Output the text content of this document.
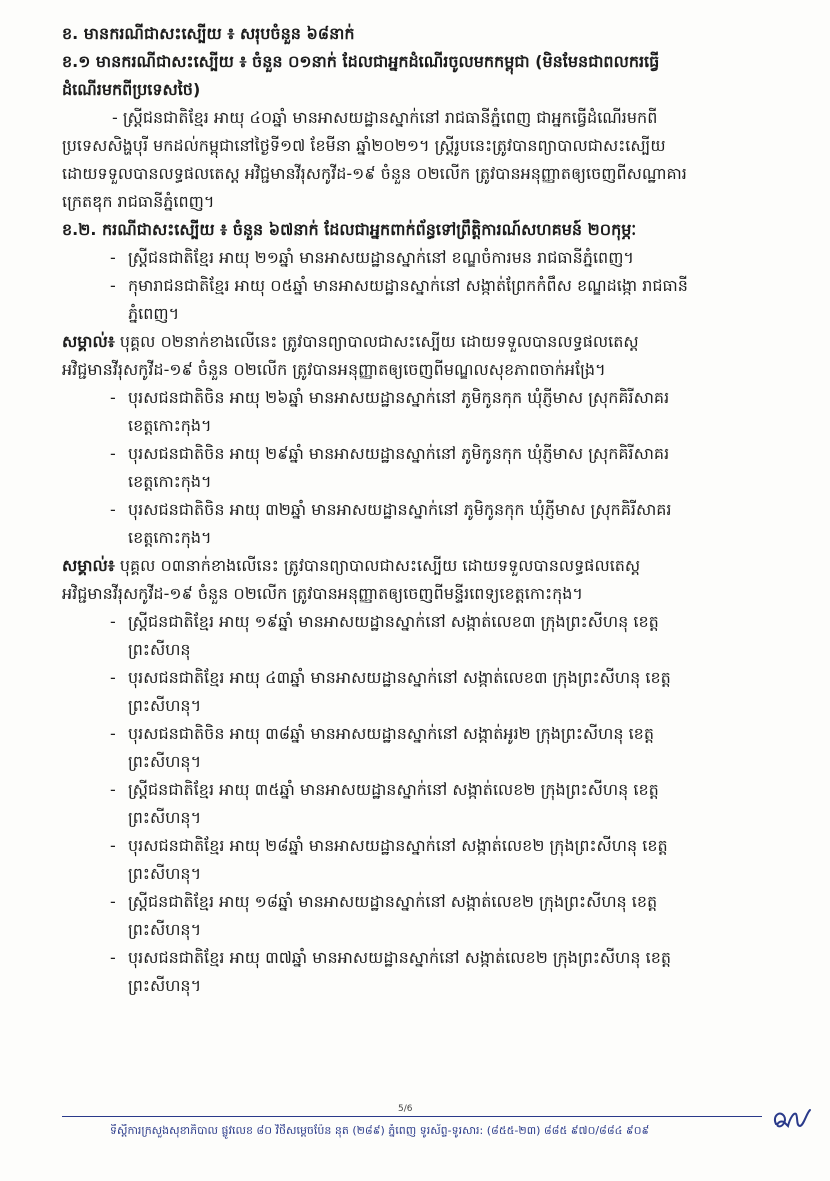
ខ. មានករណីជាសះស្បើយ ៖ សរុបចំនួន ៦៨នាក់
ខ.១ មានករណីជាសះស្បើយ ៖ ចំនួន ០១នាក់ ដែលជាអ្នកដំណើរចូលមកកម្ពុជា (មិនមែនជាពលករធ្វើ
ដំណើរមកពីប្រទេសថៃ)
- ស្ត្រីជនជាតិខ្មែរ អាយុ ៤០ឆ្នាំ មានអាសយដ្ឋានស្នាក់នៅ រាជធានីភ្នំពេញ ជាអ្នកធ្វើដំណើរមកពី
ប្រទេសសិង្ហបុរី មកដល់កម្ពុជានៅថ្ងៃទី១៧ ខែមីនា ឆ្នាំ២០២១។ ស្ត្រីរូបនេះត្រូវបានព្យាបាលជាសះស្បើយ
ដោយទទួលបានលទ្ធផលតេស្ត អវិជ្ជមានវីរុសកូវីដ-១៩ ចំនួន ០២លើក ត្រូវបានអនុញ្ញាតឲ្យចេញពីសណ្ឋាគារ
ក្រេតឌុក រាជធានីភ្នំពេញ។
ខ.២. ករណីជាសះស្បើយ ៖ ចំនួន ៦៧នាក់ ដែលជាអ្នកពាក់ព័ន្ធទៅព្រឹត្តិការណ៍សហគមន៍ ២០កុម្ភៈ
- ស្ត្រីជនជាតិខ្មែរ អាយុ ២១ឆ្នាំ មានអាសយដ្ឋានស្នាក់នៅ ខណ្ឌចំការមន រាជធានីភ្នំពេញ។
- កុមារាជនជាតិខ្មែរ អាយុ ០៥ឆ្នាំ មានអាសយដ្ឋានស្នាក់នៅ សង្កាត់ព្រែកកំពឹស ខណ្ឌដង្កោ រាជធានី
ភ្នំពេញ។
សម្គាល់៖ បុគ្គល ០២នាក់ខាងលើនេះ ត្រូវបានព្យាបាលជាសះស្បើយ ដោយទទួលបានលទ្ធផលតេស្ត
អវិជ្ជមានវីរុសកូវីដ-១៩ ចំនួន ០២លើក ត្រូវបានអនុញ្ញាតឲ្យចេញពីមណ្ឌលសុខភាពចាក់អង្រែ។
- បុរសជនជាតិចិន អាយុ ២៦ឆ្នាំ មានអាសយដ្ឋានស្នាក់នៅ ភូមិកូនកុក ឃុំភ្ញីមាស ស្រុកគិរីសាគរ
ខេត្តកោះកុង។
- បុរសជនជាតិចិន អាយុ ២៩ឆ្នាំ មានអាសយដ្ឋានស្នាក់នៅ ភូមិកូនកុក ឃុំភ្ញីមាស ស្រុកគិរីសាគរ
ខេត្តកោះកុង។
- បុរសជនជាតិចិន អាយុ ៣២ឆ្នាំ មានអាសយដ្ឋានស្នាក់នៅ ភូមិកូនកុក ឃុំភ្ញីមាស ស្រុកគិរីសាគរ
ខេត្តកោះកុង។
សម្គាល់៖ បុគ្គល ០៣នាក់ខាងលើនេះ ត្រូវបានព្យាបាលជាសះស្បើយ ដោយទទួលបានលទ្ធផលតេស្ត
អវិជ្ជមានវីរុសកូវីដ-១៩ ចំនួន ០២លើក ត្រូវបានអនុញ្ញាតឲ្យចេញពីមន្ទីរពេទ្យខេត្តកោះកុង។
- ស្ត្រីជនជាតិខ្មែរ អាយុ ១៩ឆ្នាំ មានអាសយដ្ឋានស្នាក់នៅ សង្កាត់លេខ៣ ក្រុងព្រះសីហនុ ខេត្ត
ព្រះសីហនុ
- បុរសជនជាតិខ្មែរ អាយុ ៤៣ឆ្នាំ មានអាសយដ្ឋានស្នាក់នៅ សង្កាត់លេខ៣ ក្រុងព្រះសីហនុ ខេត្ត
ព្រះសីហនុ។
- បុរសជនជាតិចិន អាយុ ៣៨ឆ្នាំ មានអាសយដ្ឋានស្នាក់នៅ សង្កាត់អូរ២ ក្រុងព្រះសីហនុ ខេត្ត
ព្រះសីហនុ។
- ស្ត្រីជនជាតិខ្មែរ អាយុ ៣៥ឆ្នាំ មានអាសយដ្ឋានស្នាក់នៅ សង្កាត់លេខ២ ក្រុងព្រះសីហនុ ខេត្ត
ព្រះសីហនុ។
- បុរសជនជាតិខ្មែរ អាយុ ២៨ឆ្នាំ មានអាសយដ្ឋានស្នាក់នៅ សង្កាត់លេខ២ ក្រុងព្រះសីហនុ ខេត្ត
ព្រះសីហនុ។
- ស្ត្រីជនជាតិខ្មែរ អាយុ ១៨ឆ្នាំ មានអាសយដ្ឋានស្នាក់នៅ សង្កាត់លេខ២ ក្រុងព្រះសីហនុ ខេត្ត
ព្រះសីហនុ។
- បុរសជនជាតិខ្មែរ អាយុ ៣៧ឆ្នាំ មានអាសយដ្ឋានស្នាក់នៅ សង្កាត់លេខ២ ក្រុងព្រះសីហនុ ខេត្ត
ព្រះសីហនុ។
5/6
ទីស្តីការក្រសួងសុខាភិបាល ផ្លូវលេខ ៨០ វិថីសម្តេចប៉ែន នុត (២៨៩) ភ្នំពេញ ទូរស័ព្ទ-ទូរសារ: (៨៥៥-២៣) ៨៨៥ ៩៧០/៨៨៤ ៩០៩
